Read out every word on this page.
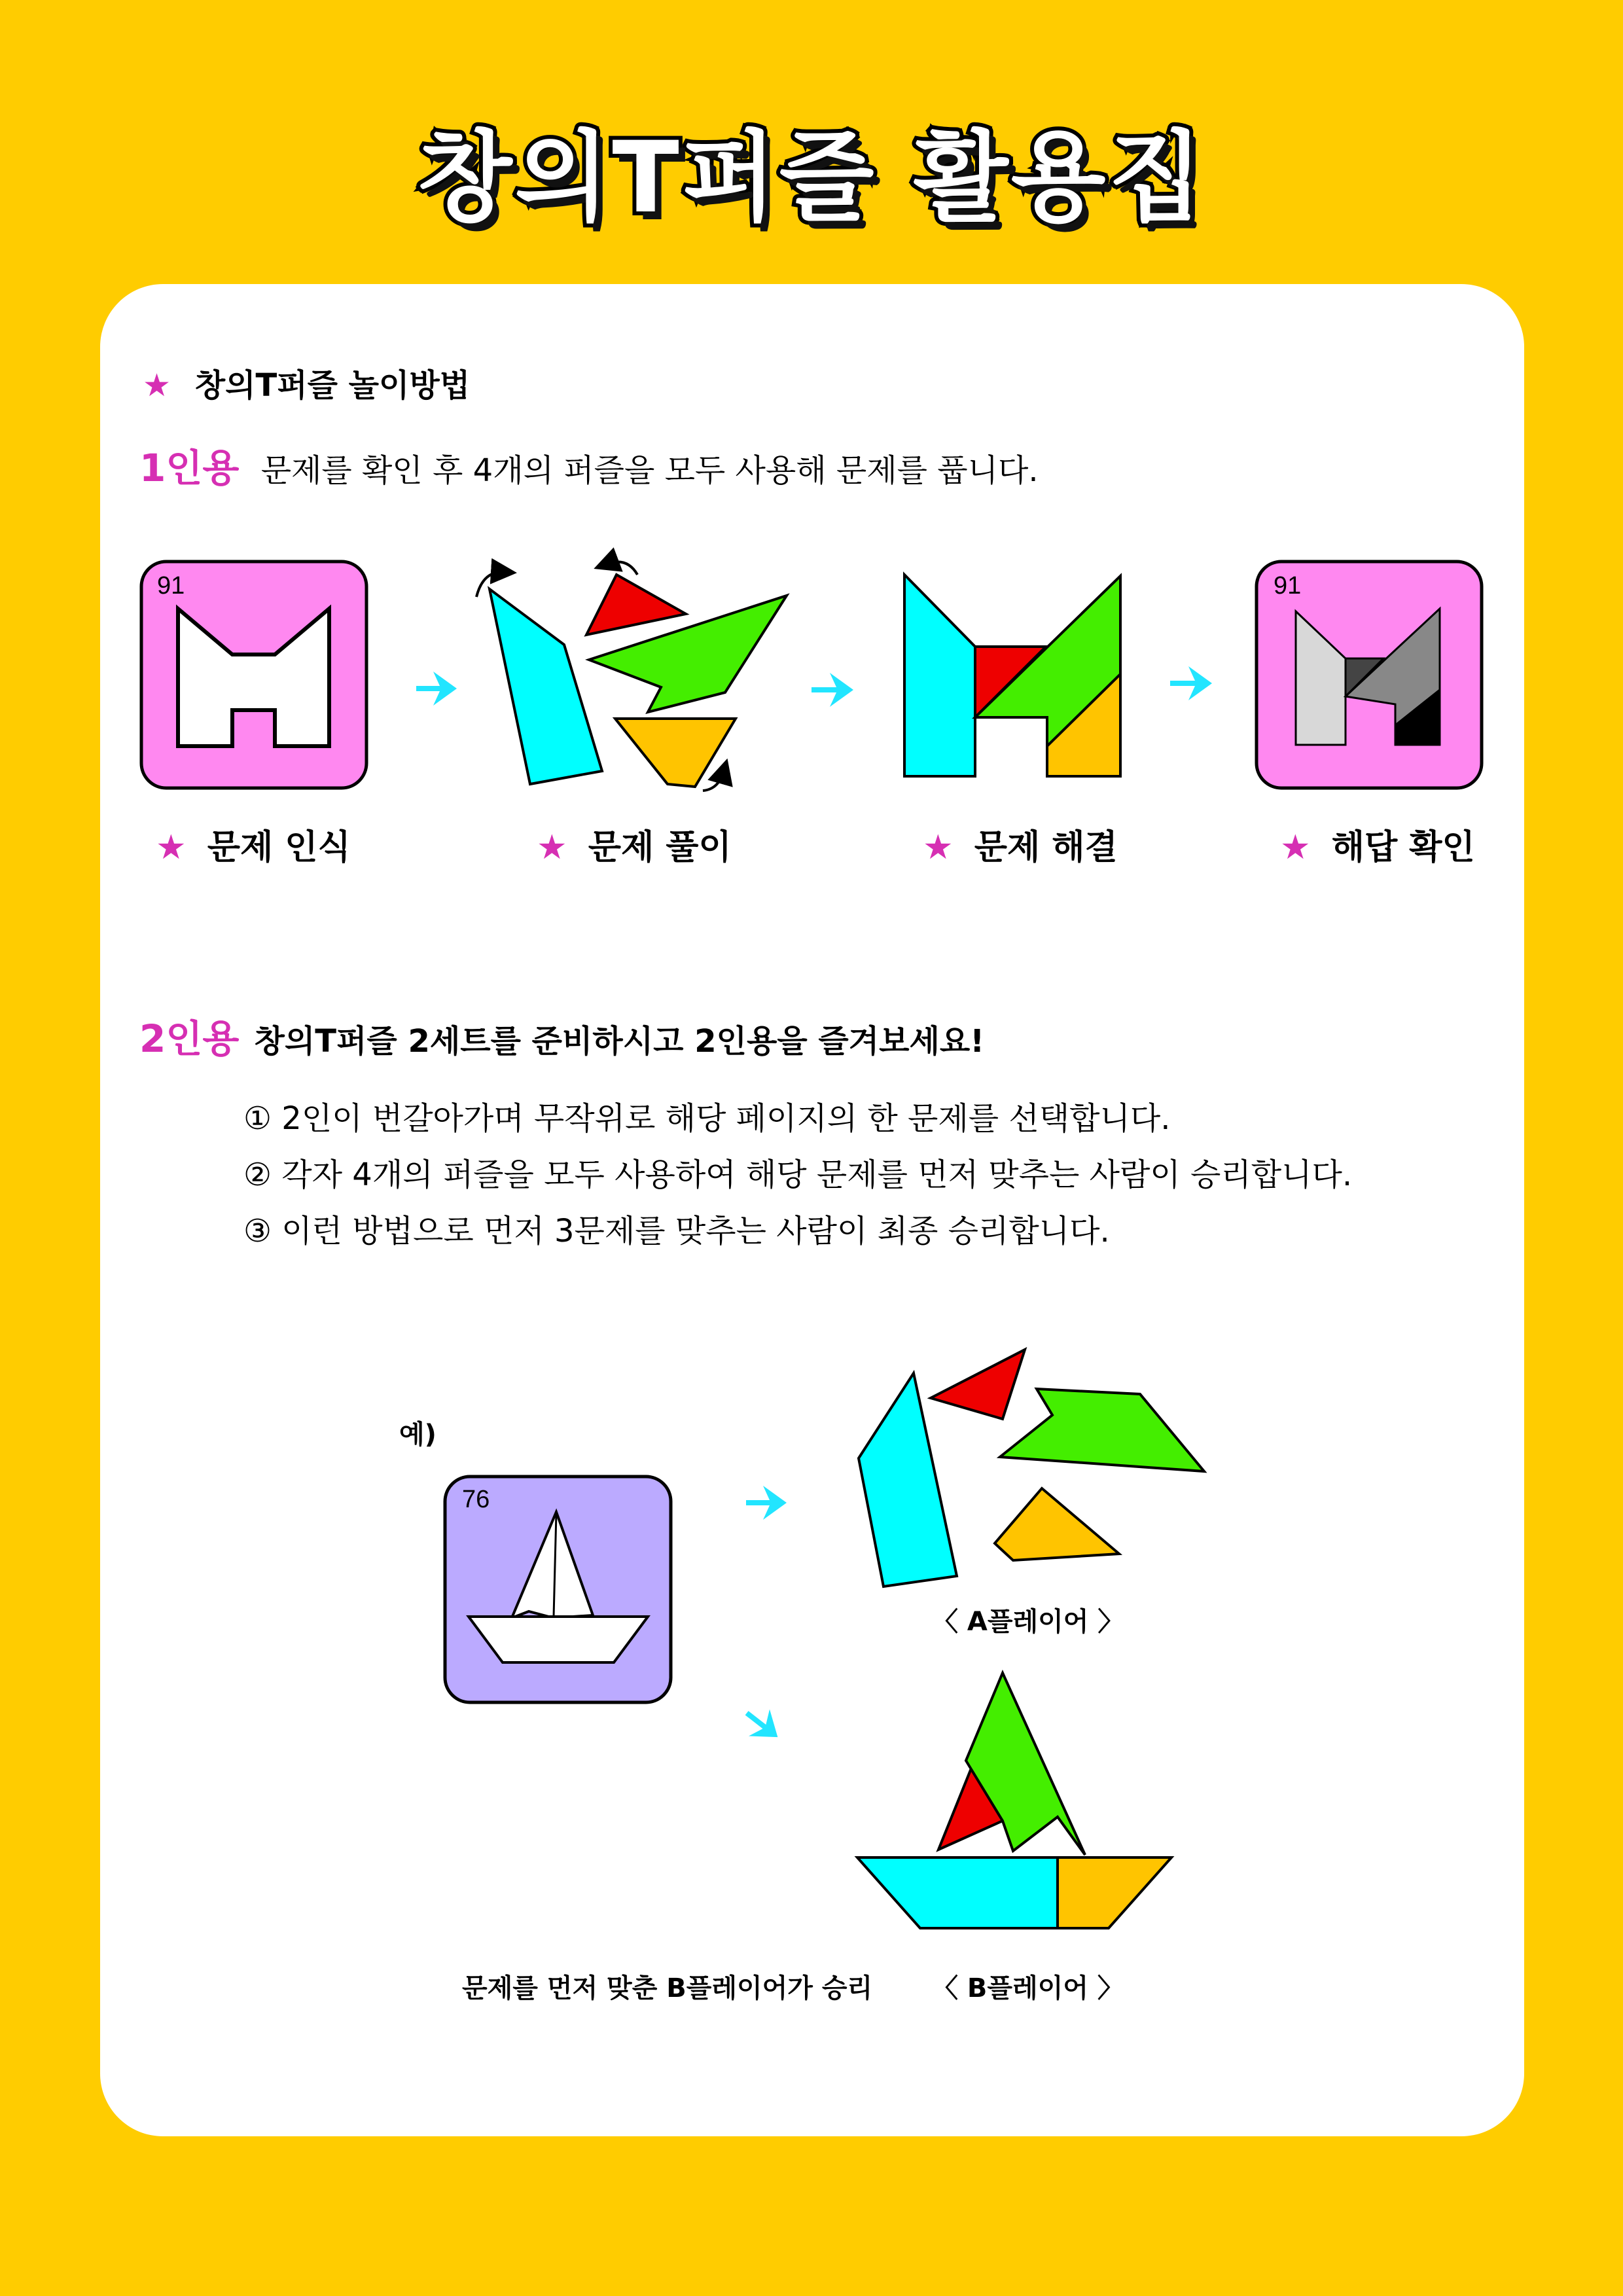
창의T퍼즐 활용집
★ 창의T퍼즐 놀이방법
1인용 문제를 확인 후 4개의 퍼즐을 모두 사용해 문제를 풉니다.
91	91
★ 문제 인식	★ 문제 풀이	★ 문제 해결	★ 해답 확인
2인용 창의T퍼즐 2세트를 준비하시고 2인용을 즐겨보세요!
① 2인이 번갈아가며 무작위로 해당 페이지의 한 문제를 선택합니다.
② 각자 4개의 퍼즐을 모두 사용하여 해당 문제를 먼저 맞추는 사람이 승리합니다.
③ 이런 방법으로 먼저 3문제를 맞추는 사람이 최종 승리합니다.
예)
76
〈 A플레이어 〉
〈 B플레이어 〉
문제를 먼저 맞춘 B플레이어가 승리
